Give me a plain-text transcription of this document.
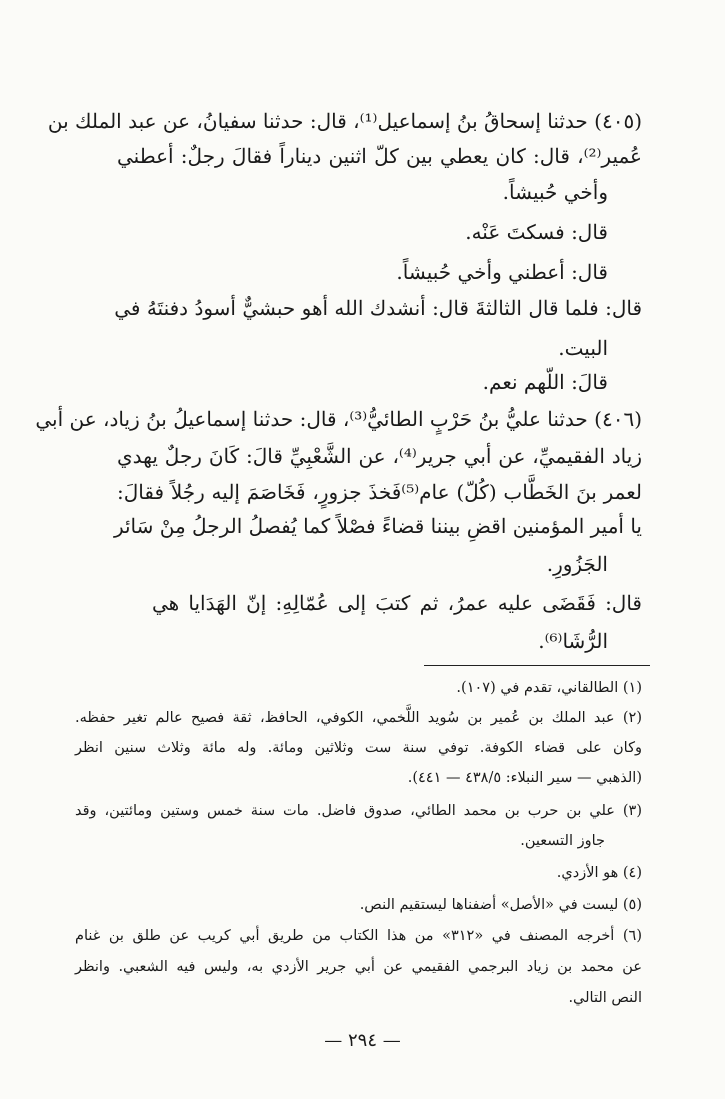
(٤٠٥) حدثنا إسحاقُ بنُ إسماعيل⁽¹⁾، قال: حدثنا سفيانُ، عن عبد الملك بن
عُمير⁽²⁾، قال: كان يعطي بين كلّ اثنين ديناراً فقالَ رجلٌ: أعطني
وأخي حُبيشاً.
قال: فسكتَ عَنْه.
قال: أعطني وأخي حُبيشاً.
قال: فلما قال الثالثةَ قال: أنشدك الله أهو حبشيٌّ أسودُ دفنتَهُ في
البيت.
قالَ: اللّهم نعم.
(٤٠٦) حدثنا عليُّ بنُ حَرْبٍ الطائيُّ⁽³⁾، قال: حدثنا إسماعيلُ بنُ زياد، عن أبي
زياد الفقيميِّ، عن أبي جرير⁽⁴⁾، عن الشَّعْبِيِّ قالَ: كَانَ رجلٌ يهدي
لعمر بنَ الخَطَّاب (كُلّ) عام⁽⁵⁾فَخذَ جزورٍ، فَخَاصَمَ إليه رجُلاً فقالَ:
يا أمير المؤمنين اقضِ بيننا قضاءً فصْلاً كما يُفصلُ الرجلُ مِنْ سَائر
الجَزُورِ.
قال: فَقَضَى عليه عمرُ، ثم كتبَ إلى عُمّالِهِ: إنّ الهَدَايا هي
الرُّشَا⁽⁶⁾.
(١) الطالقاني، تقدم في (١٠٧).
(٢) عبد الملك بن عُمير بن سُويد اللَّخمي، الكوفي، الحافظ، ثقة فصيح عالم تغير حفظه.
وكان على قضاء الكوفة. توفي سنة ست وثلاثين ومائة. وله مائة وثلاث سنين انظر
(الذهبي — سير النبلاء: ٤٣٨/٥ — ٤٤١).
(٣) علي بن حرب بن محمد الطائي، صدوق فاضل. مات سنة خمس وستين ومائتين، وقد
جاوز التسعين.
(٤) هو الأزدي.
(٥) ليست في «الأصل» أضفناها ليستقيم النص.
(٦) أخرجه المصنف في «٣١٢» من هذا الكتاب من طريق أبي كريب عن طلق بن غنام
عن محمد بن زياد البرجمي الفقيمي عن أبي جرير الأزدي به، وليس فيه الشعبي. وانظر
النص التالي.
— ٢٩٤ —
